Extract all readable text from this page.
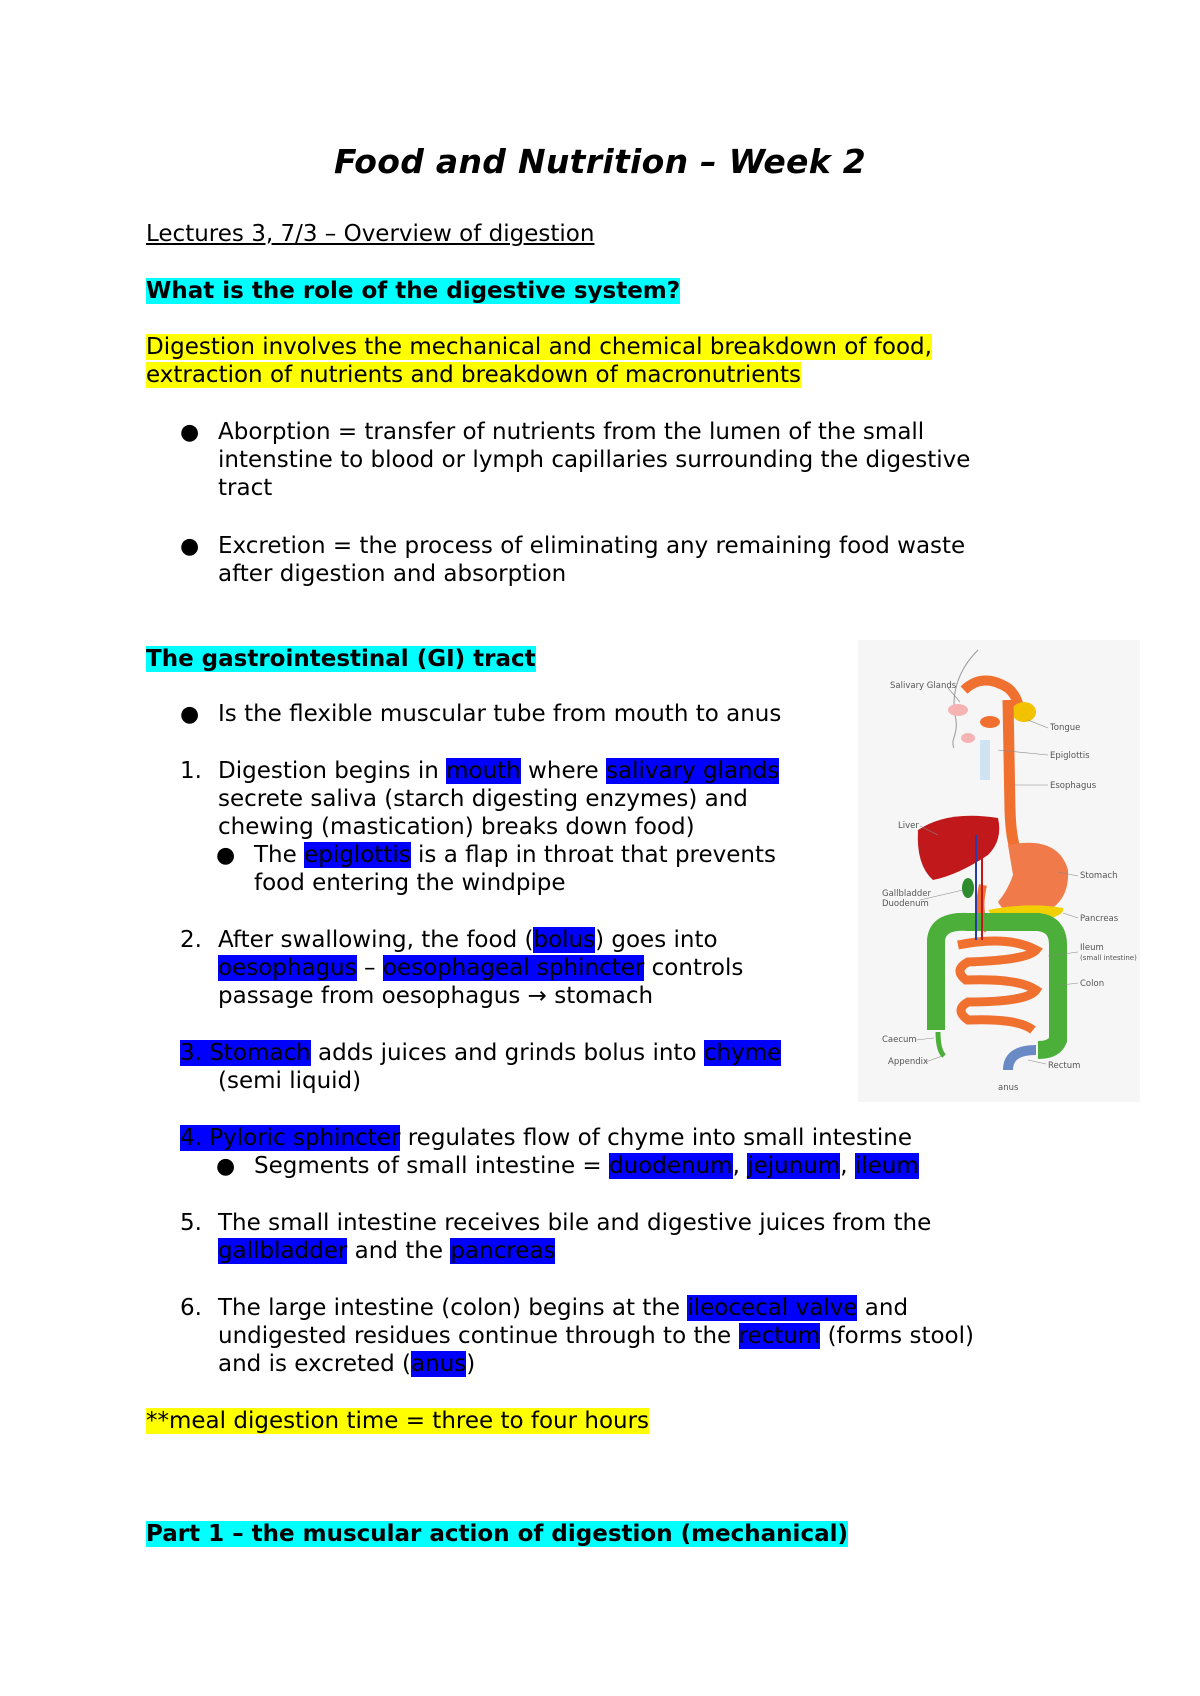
Food and Nutrition – Week 2
Lectures 3, 7/3 – Overview of digestion
What is the role of the digestive system?
Digestion involves the mechanical and chemical breakdown of food,
extraction of nutrients and breakdown of macronutrients
● Aborption = transfer of nutrients from the lumen of the small
intenstine to blood or lymph capillaries surrounding the digestive
tract
● Excretion = the process of eliminating any remaining food waste
after digestion and absorption
The gastrointestinal (GI) tract
● Is the flexible muscular tube from mouth to anus
1. Digestion begins in mouth where salivary glands
secrete saliva (starch digesting enzymes) and
chewing (mastication) breaks down food)
● The epiglottis is a flap in throat that prevents
food entering the windpipe
2. After swallowing, the food (bolus) goes into
oesophagus – oesophageal sphincter controls
passage from oesophagus → stomach
3. Stomach adds juices and grinds bolus into chyme
(semi liquid)
4. Pyloric sphincter regulates flow of chyme into small intestine
● Segments of small intestine = duodenum, jejunum, ileum
5. The small intestine receives bile and digestive juices from the
gallbladder and the pancreas
6. The large intestine (colon) begins at the ileocecal valve and
undigested residues continue through to the rectum (forms stool)
and is excreted (anus)
**meal digestion time = three to four hours
Part 1 – the muscular action of digestion (mechanical)
Salivary Glands
Tongue
Epiglottis
Esophagus
Liver
Stomach
Gallbladder
Duodenum
Pancreas
Ileum
(small intestine)
Colon
Caecum
Appendix	Rectum
anus
